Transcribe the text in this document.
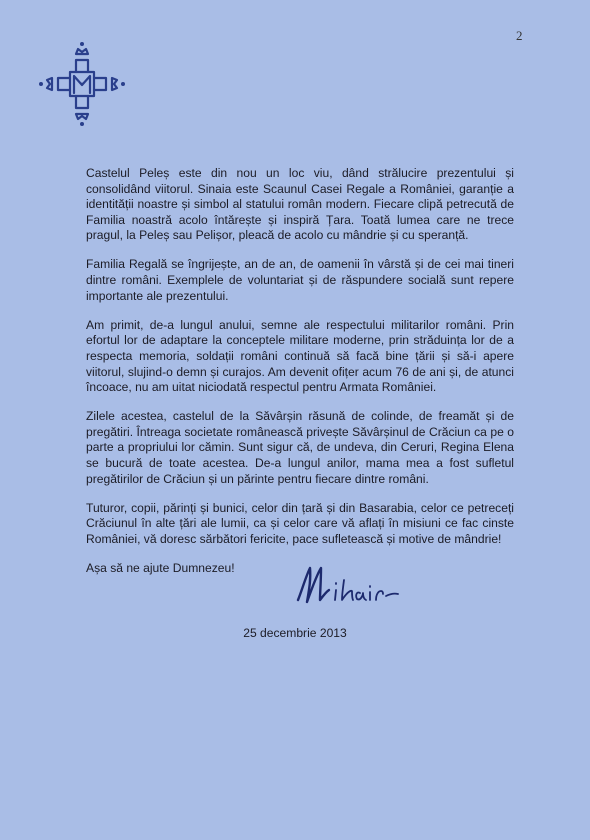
2

Castelul Peleș este din nou un loc viu, dând strălucire prezentului și consolidând viitorul. Sinaia este Scaunul Casei Regale a României, garanție a identității noastre și simbol al statului român modern. Fiecare clipă petrecută de Familia noastră acolo întărește și inspiră Țara. Toată lumea care ne trece pragul, la Peleș sau Pelișor, pleacă de acolo cu mândrie și cu speranță.

Familia Regală se îngrijește, an de an, de oamenii în vârstă și de cei mai tineri dintre români. Exemplele de voluntariat și de răspundere socială sunt repere importante ale prezentului.

Am primit, de-a lungul anului, semne ale respectului militarilor români. Prin efortul lor de adaptare la conceptele militare moderne, prin străduința lor de a respecta memoria, soldații români continuă să facă bine țării și să-i apere viitorul, slujind-o demn și curajos. Am devenit ofițer acum 76 de ani și, de atunci încoace, nu am uitat niciodată respectul pentru Armata României.

Zilele acestea, castelul de la Săvârșin răsună de colinde, de freamăt și de pregătiri. Întreaga societate românească privește Săvârșinul de Crăciun ca pe o parte a propriului lor cămin. Sunt sigur că, de undeva, din Ceruri, Regina Elena se bucură de toate acestea. De-a lungul anilor, mama mea a fost sufletul pregătirilor de Crăciun și un părinte pentru fiecare dintre români.

Tuturor, copii, părinți și bunici, celor din țară și din Basarabia, celor ce petreceți Crăciunul în alte țări ale lumii, ca și celor care vă aflați în misiuni ce fac cinste României, vă doresc sărbători fericite, pace sufletească și motive de mândrie!

Așa să ne ajute Dumnezeu!

25 decembrie 2013
